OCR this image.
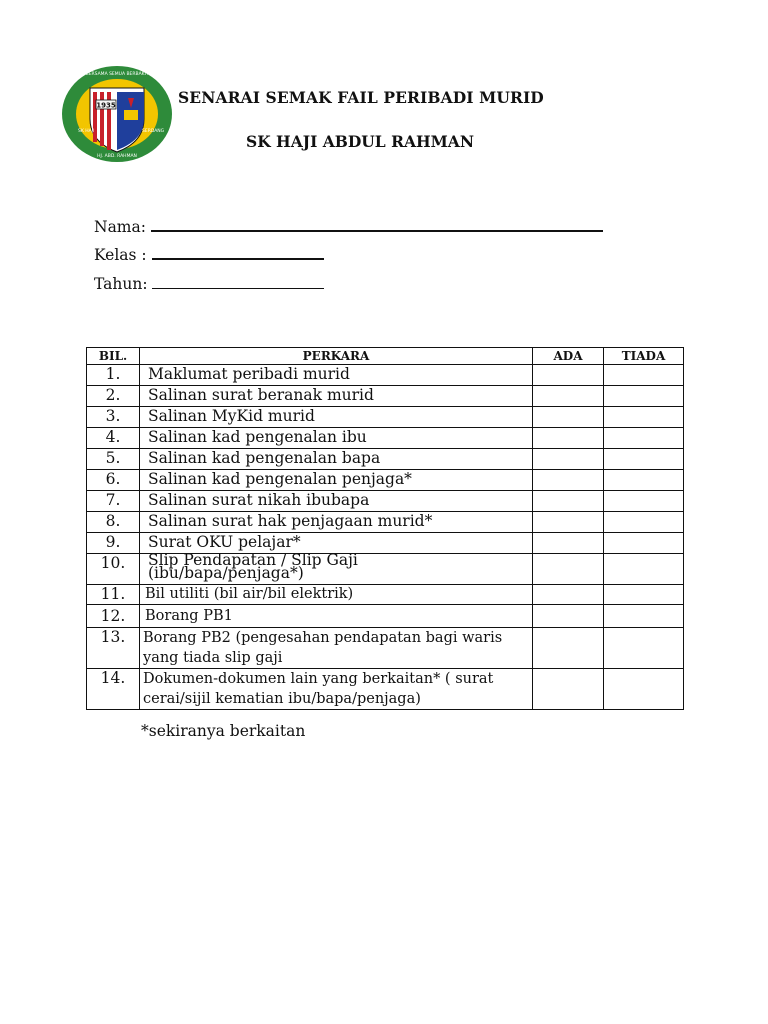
1935
BERSAMA SEMUA BERBAKTI
SK HAJI
HJ. ABD. RAHMAN
SERDANG
SENARAI SEMAK FAIL PERIBADI MURID
SK HAJI ABDUL RAHMAN
Nama:
Kelas :
Tahun:
BIL.	PERKARA	ADA	TIADA
1.	Maklumat peribadi murid		
2.	Salinan surat beranak murid		
3.	Salinan MyKid murid		
4.	Salinan kad pengenalan ibu		
5.	Salinan kad pengenalan bapa		
6.	Salinan kad pengenalan penjaga*		
7.	Salinan surat nikah ibubapa		
8.	Salinan surat hak penjagaan murid*		
9.	Surat OKU pelajar*		
10.	Slip Pendapatan / Slip Gaji (ibu/bapa/penjaga*)		
11.	Bil utiliti (bil air/bil elektrik)		
12.	Borang PB1		
13.	Borang PB2 (pengesahan pendapatan bagi waris yang tiada slip gaji		
14.	Dokumen-dokumen lain yang berkaitan* ( surat cerai/sijil kematian ibu/bapa/penjaga)		
*sekiranya berkaitan
